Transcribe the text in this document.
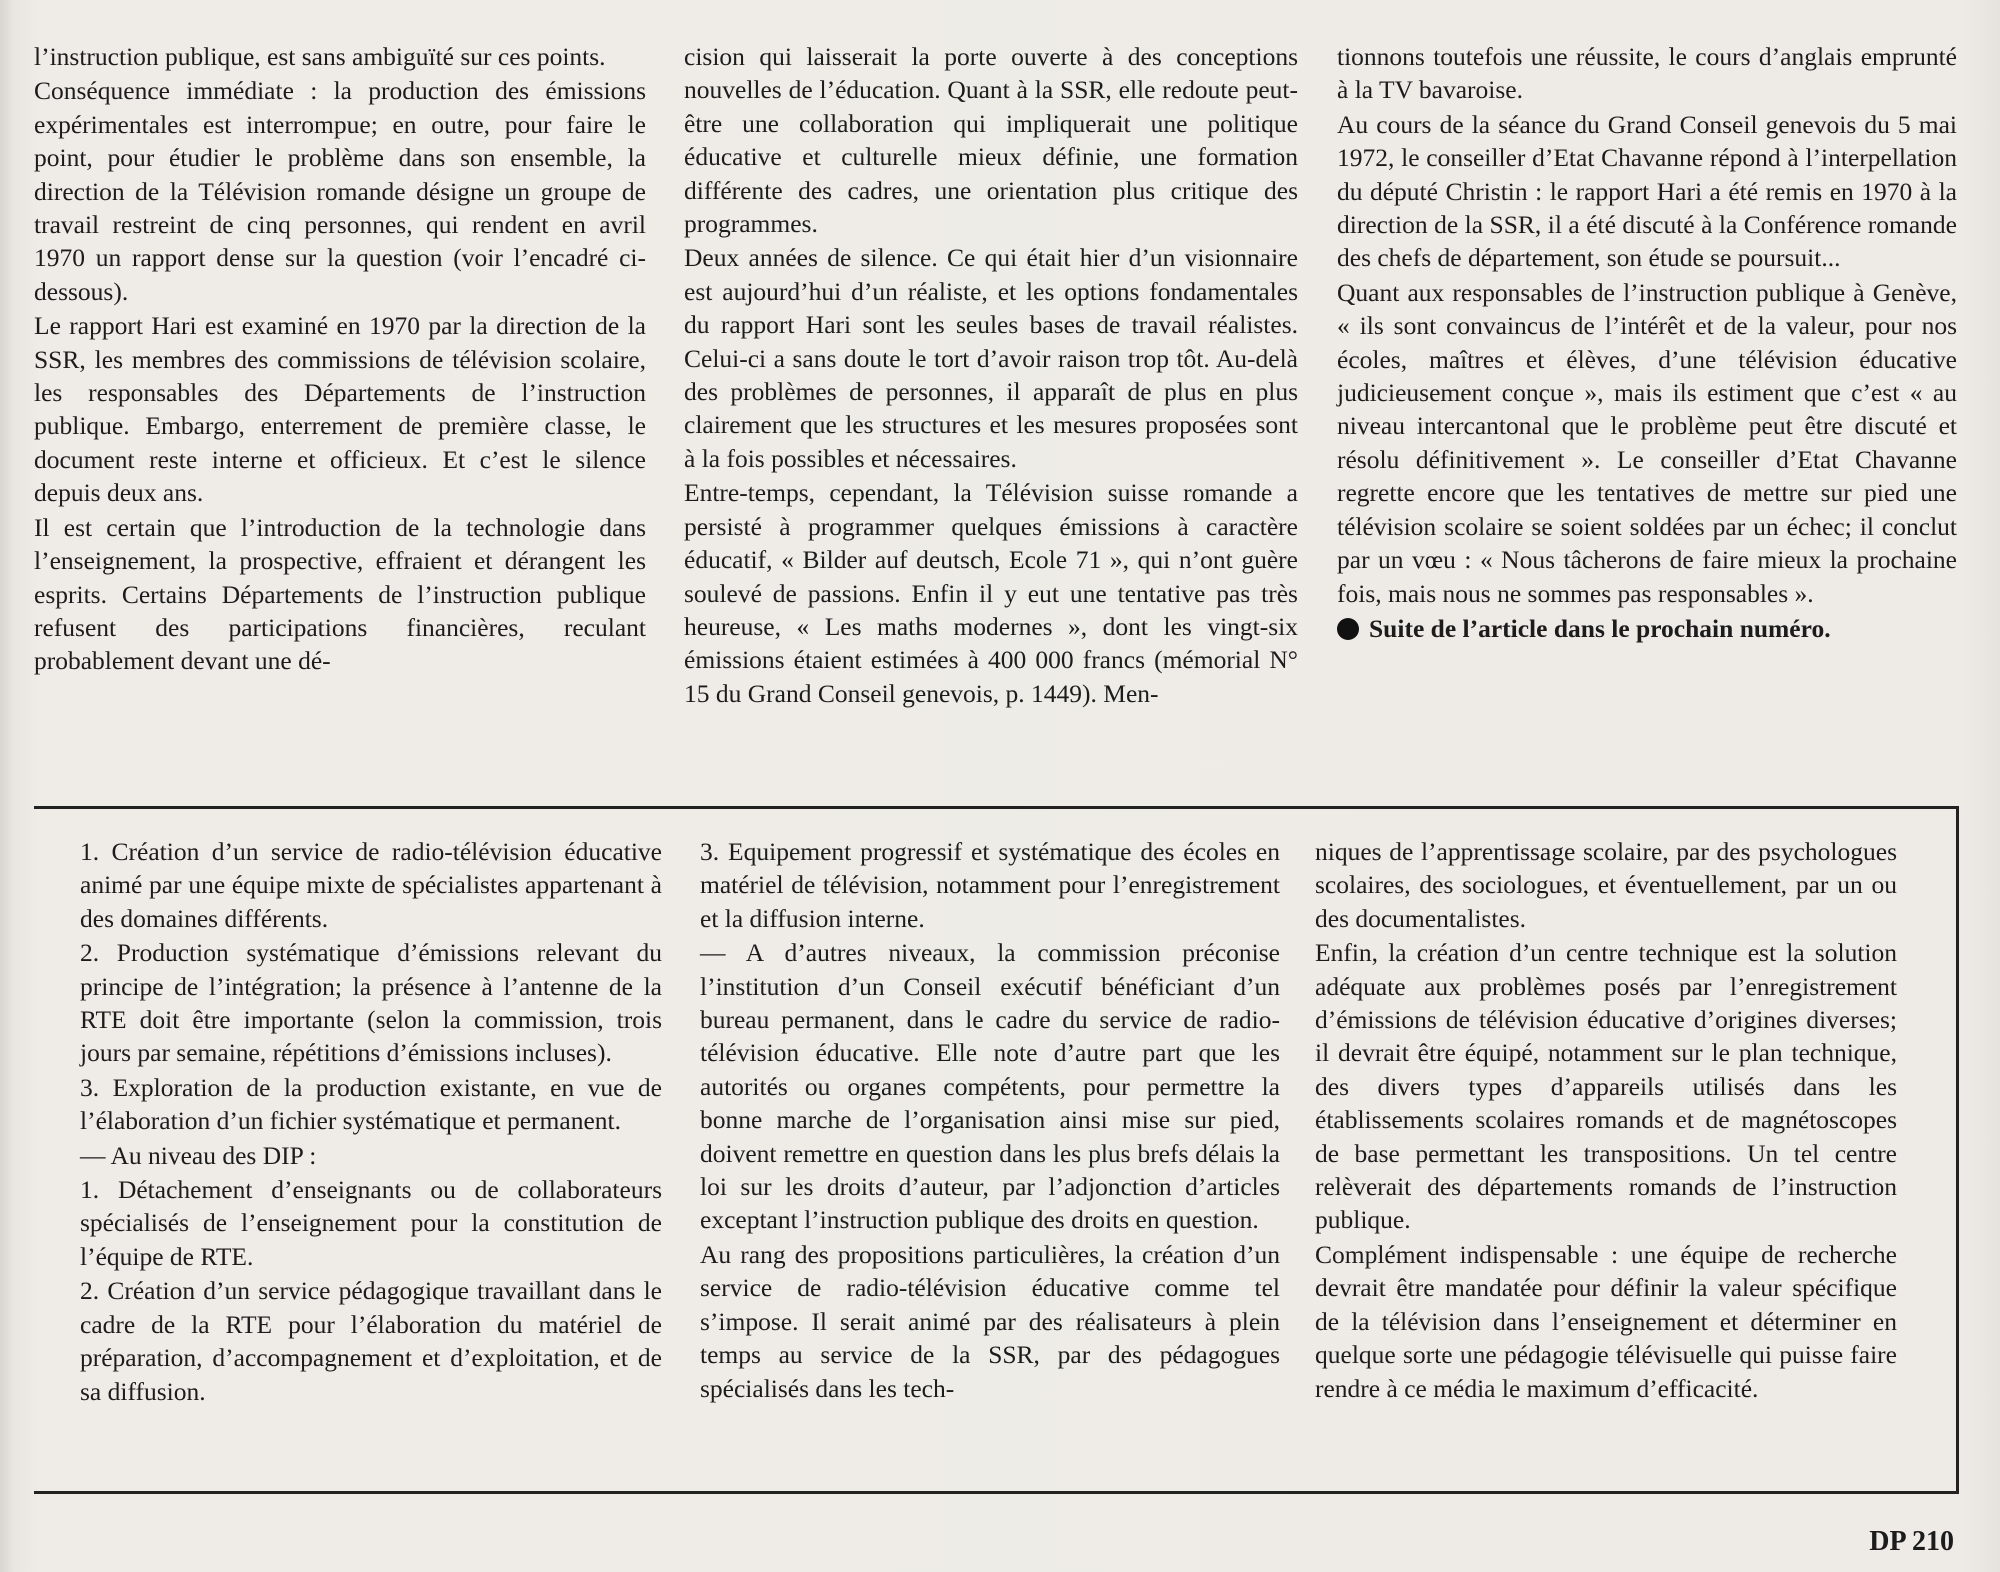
l’instruction publique, est sans ambiguïté sur ces points.

Conséquence immédiate : la production des émissions expérimentales est interrompue; en outre, pour faire le point, pour étudier le problème dans son ensemble, la direction de la Télévision romande désigne un groupe de travail restreint de cinq personnes, qui rendent en avril 1970 un rapport dense sur la question (voir l’encadré ci-dessous).

Le rapport Hari est examiné en 1970 par la direction de la SSR, les membres des commissions de télévision scolaire, les responsables des Départements de l’instruction publique. Embargo, enterrement de première classe, le document reste interne et officieux. Et c’est le silence depuis deux ans.

Il est certain que l’introduction de la technologie dans l’enseignement, la prospective, effraient et dérangent les esprits. Certains Départements de l’instruction publique refusent des participations financières, reculant probablement devant une dé-

cision qui laisserait la porte ouverte à des conceptions nouvelles de l’éducation. Quant à la SSR, elle redoute peut-être une collaboration qui impliquerait une politique éducative et culturelle mieux définie, une formation différente des cadres, une orientation plus critique des programmes.

Deux années de silence. Ce qui était hier d’un visionnaire est aujourd’hui d’un réaliste, et les options fondamentales du rapport Hari sont les seules bases de travail réalistes. Celui-ci a sans doute le tort d’avoir raison trop tôt. Au-delà des problèmes de personnes, il apparaît de plus en plus clairement que les structures et les mesures proposées sont à la fois possibles et nécessaires.

Entre-temps, cependant, la Télévision suisse romande a persisté à programmer quelques émissions à caractère éducatif, « Bilder auf deutsch, Ecole 71 », qui n’ont guère soulevé de passions. Enfin il y eut une tentative pas très heureuse, « Les maths modernes », dont les vingt-six émissions étaient estimées à 400 000 francs (mémorial N° 15 du Grand Conseil genevois, p. 1449). Men-

tionnons toutefois une réussite, le cours d’anglais emprunté à la TV bavaroise.

Au cours de la séance du Grand Conseil genevois du 5 mai 1972, le conseiller d’Etat Chavanne répond à l’interpellation du député Christin : le rapport Hari a été remis en 1970 à la direction de la SSR, il a été discuté à la Conférence romande des chefs de département, son étude se poursuit...

Quant aux responsables de l’instruction publique à Genève, « ils sont convaincus de l’intérêt et de la valeur, pour nos écoles, maîtres et élèves, d’une télévision éducative judicieusement conçue », mais ils estiment que c’est « au niveau intercantonal que le problème peut être discuté et résolu définitivement ». Le conseiller d’Etat Chavanne regrette encore que les tentatives de mettre sur pied une télévision scolaire se soient soldées par un échec; il conclut par un vœu : « Nous tâcherons de faire mieux la prochaine fois, mais nous ne sommes pas responsables ».

Suite de l’article dans le prochain numéro.

1. Création d’un service de radio-télévision éducative animé par une équipe mixte de spécialistes appartenant à des domaines différents.

2. Production systématique d’émissions relevant du principe de l’intégration; la présence à l’antenne de la RTE doit être importante (selon la commission, trois jours par semaine, répétitions d’émissions incluses).

3. Exploration de la production existante, en vue de l’élaboration d’un fichier systématique et permanent.

— Au niveau des DIP :

1. Détachement d’enseignants ou de collaborateurs spécialisés de l’enseignement pour la constitution de l’équipe de RTE.

2. Création d’un service pédagogique travaillant dans le cadre de la RTE pour l’élaboration du matériel de préparation, d’accompagnement et d’exploitation, et de sa diffusion.

3. Equipement progressif et systématique des écoles en matériel de télévision, notamment pour l’enregistrement et la diffusion interne.

— A d’autres niveaux, la commission préconise l’institution d’un Conseil exécutif bénéficiant d’un bureau permanent, dans le cadre du service de radio-télévision éducative. Elle note d’autre part que les autorités ou organes compétents, pour permettre la bonne marche de l’organisation ainsi mise sur pied, doivent remettre en question dans les plus brefs délais la loi sur les droits d’auteur, par l’adjonction d’articles exceptant l’instruction publique des droits en question.

Au rang des propositions particulières, la création d’un service de radio-télévision éducative comme tel s’impose. Il serait animé par des réalisateurs à plein temps au service de la SSR, par des pédagogues spécialisés dans les tech-

niques de l’apprentissage scolaire, par des psychologues scolaires, des sociologues, et éventuellement, par un ou des documentalistes.

Enfin, la création d’un centre technique est la solution adéquate aux problèmes posés par l’enregistrement d’émissions de télévision éducative d’origines diverses; il devrait être équipé, notamment sur le plan technique, des divers types d’appareils utilisés dans les établissements scolaires romands et de magnétoscopes de base permettant les transpositions. Un tel centre relèverait des départements romands de l’instruction publique.

Complément indispensable : une équipe de recherche devrait être mandatée pour définir la valeur spécifique de la télévision dans l’enseignement et déterminer en quelque sorte une pédagogie télévisuelle qui puisse faire rendre à ce média le maximum d’efficacité.

DP 210
